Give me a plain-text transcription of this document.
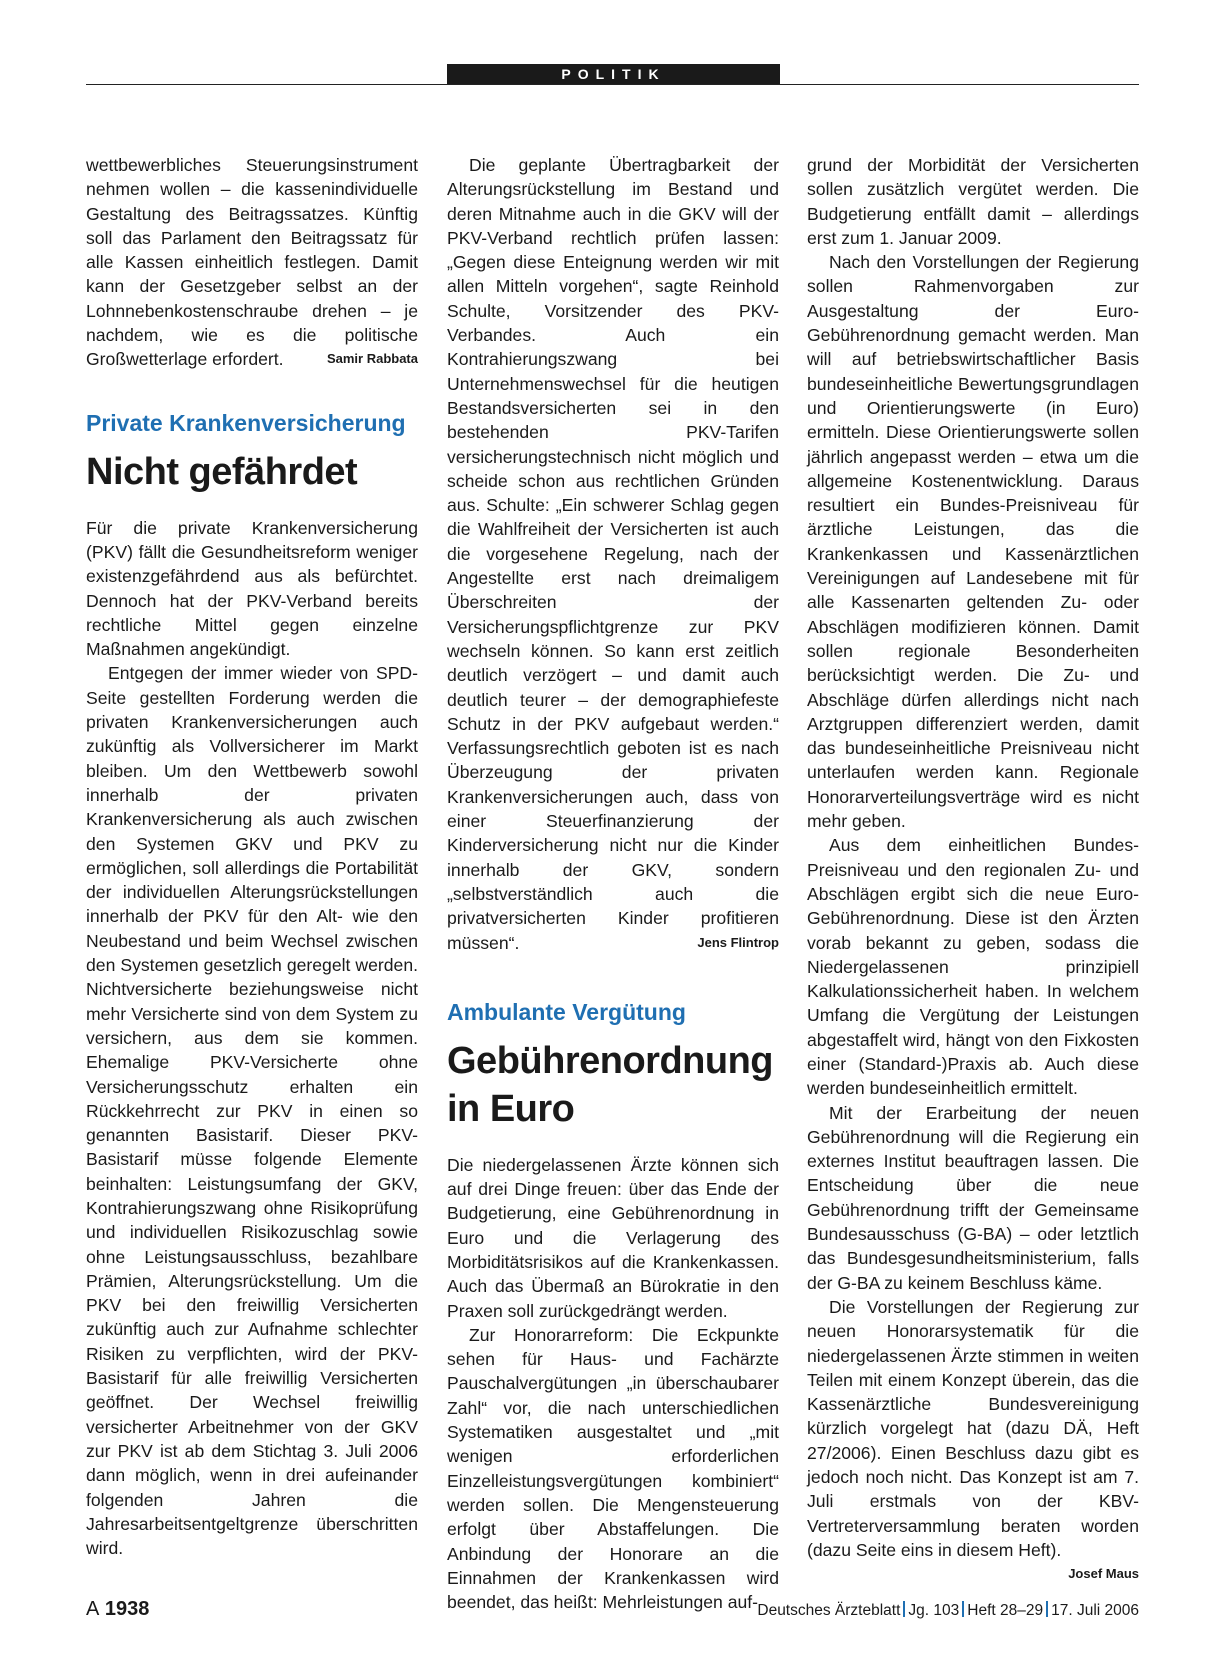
POLITIK

wettbewerbliches Steuerungsinstrument nehmen wollen – die kassenindividuelle Gestaltung des Beitragssatzes. Künftig soll das Parlament den Beitragssatz für alle Kassen einheitlich festlegen. Damit kann der Gesetzgeber selbst an der Lohnnebenkostenschraube drehen – je nachdem, wie es die politische Großwetterlage erfordert.	Samir Rabbata

Private Krankenversicherung
Nicht gefährdet

Für die private Krankenversicherung (PKV) fällt die Gesundheitsreform weniger existenzgefährdend aus als befürchtet. Dennoch hat der PKV-Verband bereits rechtliche Mittel gegen einzelne Maßnahmen angekündigt.

Entgegen der immer wieder von SPD-Seite gestellten Forderung werden die privaten Krankenversicherungen auch zukünftig als Vollversicherer im Markt bleiben. Um den Wettbewerb sowohl innerhalb der privaten Krankenversicherung als auch zwischen den Systemen GKV und PKV zu ermöglichen, soll allerdings die Portabilität der individuellen Alterungsrückstellungen innerhalb der PKV für den Alt- wie den Neubestand und beim Wechsel zwischen den Systemen gesetzlich geregelt werden. Nichtversicherte beziehungsweise nicht mehr Versicherte sind von dem System zu versichern, aus dem sie kommen. Ehemalige PKV-Versicherte ohne Versicherungsschutz erhalten ein Rückkehrrecht zur PKV in einen so genannten Basistarif. Dieser PKV-Basistarif müsse folgende Elemente beinhalten: Leistungsumfang der GKV, Kontrahierungszwang ohne Risikoprüfung und individuellen Risikozuschlag sowie ohne Leistungsausschluss, bezahlbare Prämien, Alterungsrückstellung. Um die PKV bei den freiwillig Versicherten zukünftig auch zur Aufnahme schlechter Risiken zu verpflichten, wird der PKV-Basistarif für alle freiwillig Versicherten geöffnet. Der Wechsel freiwillig versicherter Arbeitnehmer von der GKV zur PKV ist ab dem Stichtag 3. Juli 2006 dann möglich, wenn in drei aufeinander folgenden Jahren die Jahresarbeitsentgeltgrenze überschritten wird.

Die geplante Übertragbarkeit der Alterungsrückstellung im Bestand und deren Mitnahme auch in die GKV will der PKV-Verband rechtlich prüfen lassen: „Gegen diese Enteignung werden wir mit allen Mitteln vorgehen“, sagte Reinhold Schulte, Vorsitzender des PKV-Verbandes. Auch ein Kontrahierungszwang bei Unternehmenswechsel für die heutigen Bestandsversicherten sei in den bestehenden PKV-Tarifen versicherungstechnisch nicht möglich und scheide schon aus rechtlichen Gründen aus. Schulte: „Ein schwerer Schlag gegen die Wahlfreiheit der Versicherten ist auch die vorgesehene Regelung, nach der Angestellte erst nach dreimaligem Überschreiten der Versicherungspflichtgrenze zur PKV wechseln können. So kann erst zeitlich deutlich verzögert – und damit auch deutlich teurer – der demographiefeste Schutz in der PKV aufgebaut werden.“ Verfassungsrechtlich geboten ist es nach Überzeugung der privaten Krankenversicherungen auch, dass von einer Steuerfinanzierung der Kinderversicherung nicht nur die Kinder innerhalb der GKV, sondern „selbstverständlich auch die privatversicherten Kinder profitieren müssen“.	Jens Flintrop

Ambulante Vergütung
Gebührenordnung
in Euro

Die niedergelassenen Ärzte können sich auf drei Dinge freuen: über das Ende der Budgetierung, eine Gebührenordnung in Euro und die Verlagerung des Morbiditätsrisikos auf die Krankenkassen. Auch das Übermaß an Bürokratie in den Praxen soll zurückgedrängt werden.

Zur Honorarreform: Die Eckpunkte sehen für Haus- und Fachärzte Pauschalvergütungen „in überschaubarer Zahl“ vor, die nach unterschiedlichen Systematiken ausgestaltet und „mit wenigen erforderlichen Einzelleistungsvergütungen kombiniert“ werden sollen. Die Mengensteuerung erfolgt über Abstaffelungen. Die Anbindung der Honorare an die Einnahmen der Krankenkassen wird beendet, das heißt: Mehrleistungen auf-

grund der Morbidität der Versicherten sollen zusätzlich vergütet werden. Die Budgetierung entfällt damit – allerdings erst zum 1. Januar 2009.

Nach den Vorstellungen der Regierung sollen Rahmenvorgaben zur Ausgestaltung der Euro-Gebührenordnung gemacht werden. Man will auf betriebswirtschaftlicher Basis bundeseinheitliche Bewertungsgrundlagen und Orientierungswerte (in Euro) ermitteln. Diese Orientierungswerte sollen jährlich angepasst werden – etwa um die allgemeine Kostenentwicklung. Daraus resultiert ein Bundes-Preisniveau für ärztliche Leistungen, das die Krankenkassen und Kassenärztlichen Vereinigungen auf Landesebene mit für alle Kassenarten geltenden Zu- oder Abschlägen modifizieren können. Damit sollen regionale Besonderheiten berücksichtigt werden. Die Zu- und Abschläge dürfen allerdings nicht nach Arztgruppen differenziert werden, damit das bundeseinheitliche Preisniveau nicht unterlaufen werden kann. Regionale Honorarverteilungsverträge wird es nicht mehr geben.

Aus dem einheitlichen Bundes-Preisniveau und den regionalen Zu- und Abschlägen ergibt sich die neue Euro-Gebührenordnung. Diese ist den Ärzten vorab bekannt zu geben, sodass die Niedergelassenen prinzipiell Kalkulationssicherheit haben. In welchem Umfang die Vergütung der Leistungen abgestaffelt wird, hängt von den Fixkosten einer (Standard-)Praxis ab. Auch diese werden bundeseinheitlich ermittelt.

Mit der Erarbeitung der neuen Gebührenordnung will die Regierung ein externes Institut beauftragen lassen. Die Entscheidung über die neue Gebührenordnung trifft der Gemeinsame Bundesausschuss (G-BA) – oder letztlich das Bundesgesundheitsministerium, falls der G-BA zu keinem Beschluss käme.

Die Vorstellungen der Regierung zur neuen Honorarsystematik für die niedergelassenen Ärzte stimmen in weiten Teilen mit einem Konzept überein, das die Kassenärztliche Bundesvereinigung kürzlich vorgelegt hat (dazu DÄ, Heft 27/2006). Einen Beschluss dazu gibt es jedoch noch nicht. Das Konzept ist am 7. Juli erstmals von der KBV-Vertreterversammlung beraten worden (dazu Seite eins in diesem Heft).
Josef Maus

A 1938	Deutsches Ärzteblatt Jg. 103 Heft 28–29 17. Juli 2006
